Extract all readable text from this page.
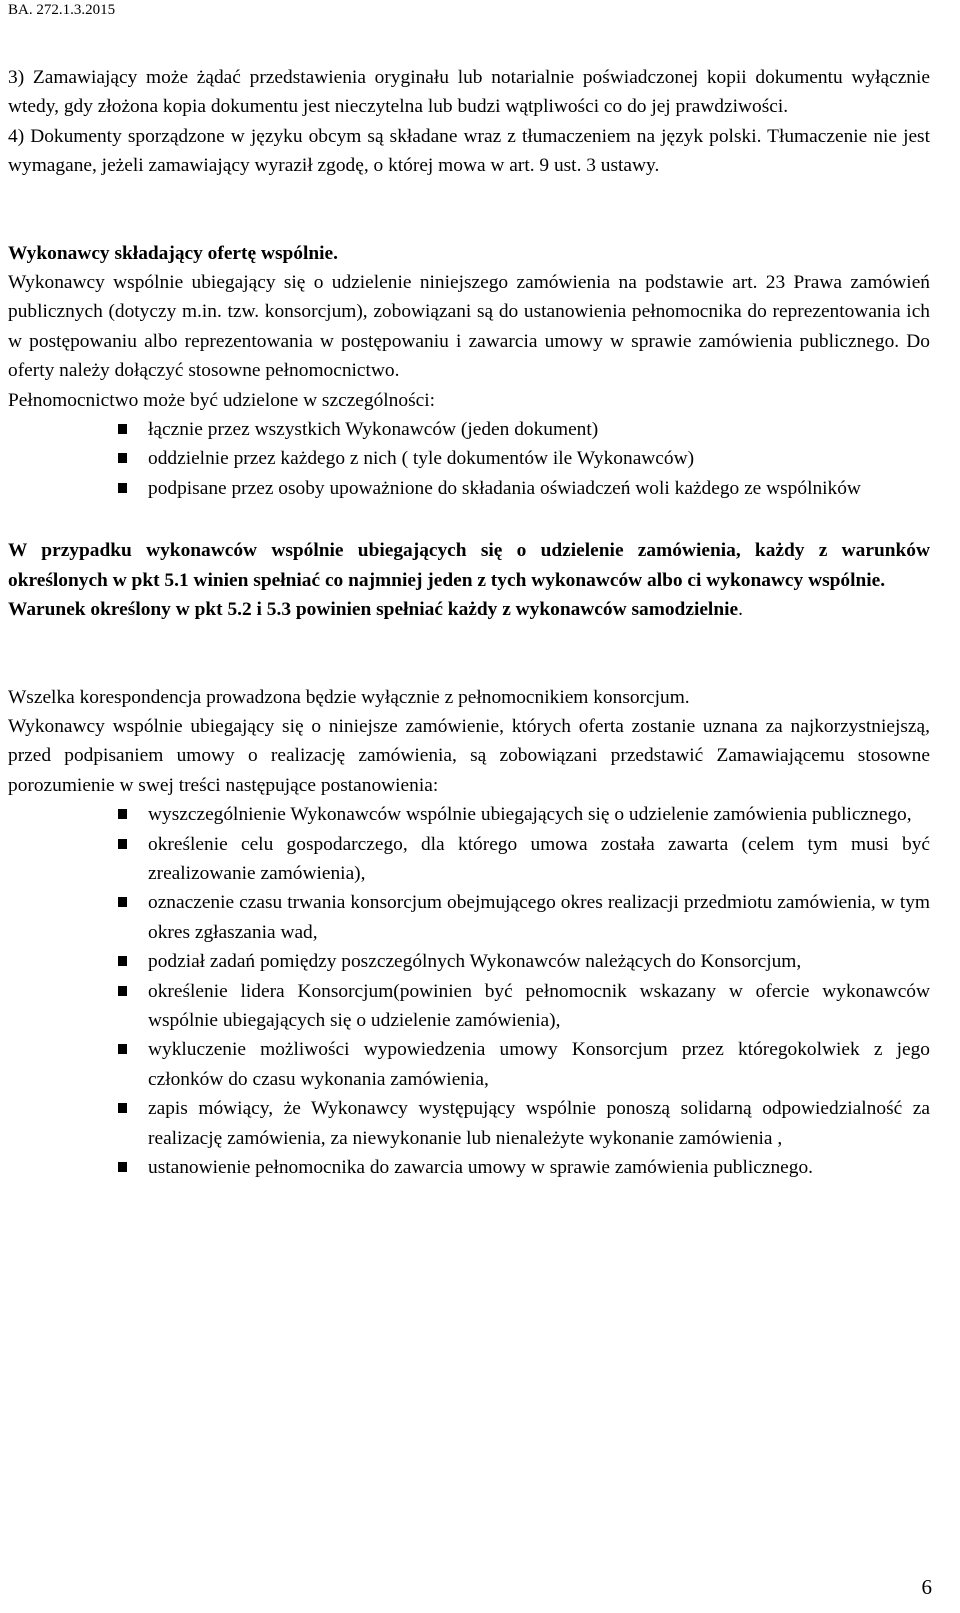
BA. 272.1.3.2015

3) Zamawiający może żądać przedstawienia oryginału lub notarialnie poświadczonej kopii dokumentu wyłącznie wtedy, gdy złożona kopia dokumentu jest nieczytelna lub budzi wątpliwości co do jej prawdziwości.

4) Dokumenty sporządzone w języku obcym są składane wraz z tłumaczeniem na język polski. Tłumaczenie nie jest wymagane, jeżeli zamawiający wyraził zgodę, o której mowa w art. 9 ust. 3 ustawy.

Wykonawcy składający ofertę wspólnie.

Wykonawcy wspólnie ubiegający się o udzielenie niniejszego zamówienia na podstawie art. 23 Prawa zamówień publicznych (dotyczy m.in. tzw. konsorcjum), zobowiązani są do ustanowienia pełnomocnika do reprezentowania ich w postępowaniu albo reprezentowania w postępowaniu i zawarcia umowy w sprawie zamówienia publicznego. Do oferty należy dołączyć stosowne pełnomocnictwo.

Pełnomocnictwo może być udzielone w szczególności:

łącznie przez wszystkich Wykonawców (jeden dokument)
oddzielnie przez każdego z nich ( tyle dokumentów ile Wykonawców)
podpisane przez osoby upoważnione do składania oświadczeń woli każdego ze wspólników

W przypadku wykonawców wspólnie ubiegających się o udzielenie zamówienia, każdy z warunków określonych w pkt 5.1 winien spełniać co najmniej jeden z tych wykonawców albo ci wykonawcy wspólnie.

Warunek określony w pkt 5.2 i 5.3 powinien spełniać każdy z wykonawców samodzielnie.

Wszelka korespondencja prowadzona będzie wyłącznie z pełnomocnikiem konsorcjum.

Wykonawcy wspólnie ubiegający się o niniejsze zamówienie, których oferta zostanie uznana za najkorzystniejszą, przed podpisaniem umowy o realizację zamówienia, są zobowiązani przedstawić Zamawiającemu stosowne porozumienie w swej treści następujące postanowienia:

wyszczególnienie Wykonawców wspólnie ubiegających się o udzielenie zamówienia publicznego,
określenie celu gospodarczego, dla którego umowa została zawarta (celem tym musi być zrealizowanie zamówienia),
oznaczenie czasu trwania konsorcjum obejmującego okres realizacji przedmiotu zamówienia, w tym okres zgłaszania wad,
podział zadań pomiędzy poszczególnych Wykonawców należących do Konsorcjum,
określenie lidera Konsorcjum(powinien być pełnomocnik wskazany w ofercie wykonawców wspólnie ubiegających się o udzielenie zamówienia),
wykluczenie możliwości wypowiedzenia umowy Konsorcjum przez któregokolwiek z jego członków do czasu wykonania zamówienia,
zapis mówiący, że Wykonawcy występujący wspólnie ponoszą solidarną odpowiedzialność za realizację zamówienia, za niewykonanie lub nienależyte wykonanie zamówienia ,
ustanowienie pełnomocnika do zawarcia umowy w sprawie zamówienia publicznego.
6
